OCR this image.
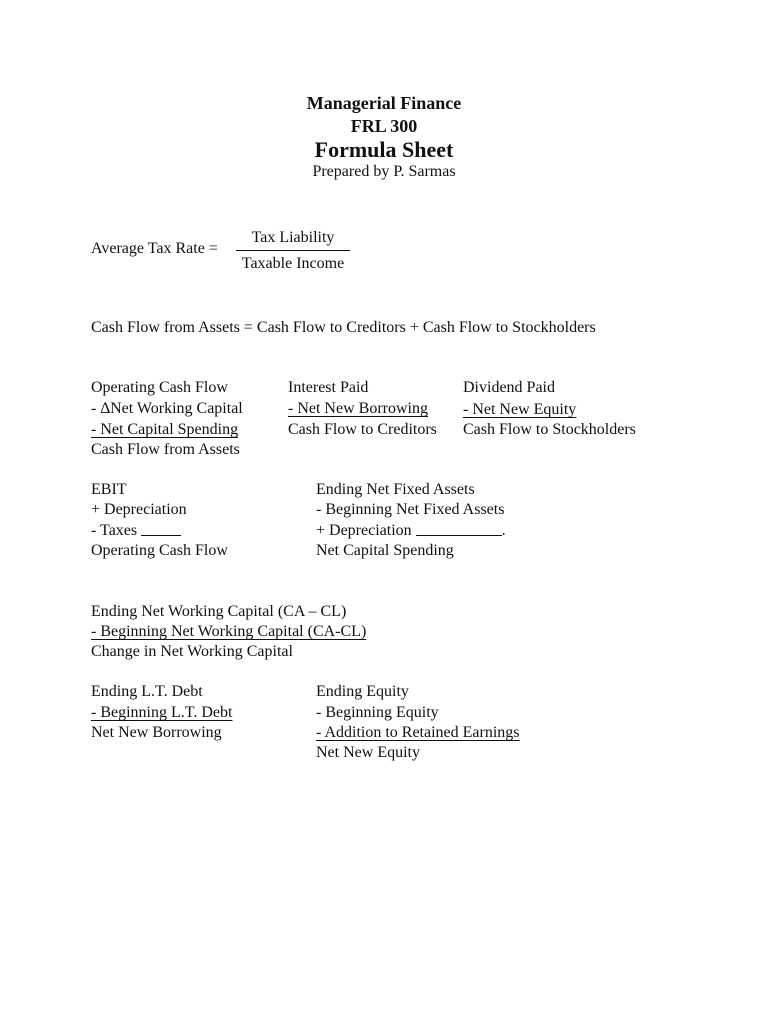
Managerial Finance
FRL 300
Formula Sheet
Prepared by P. Sarmas
Average Tax Rate =
Tax Liability
Taxable Income
Cash Flow from Assets = Cash Flow to Creditors + Cash Flow to Stockholders
Operating Cash Flow
- ∆Net Working Capital
- Net Capital Spending
Cash Flow from Assets
Interest Paid
- Net New Borrowing
Cash Flow to Creditors
Dividend Paid
- Net New Equity
Cash Flow to Stockholders
EBIT
+ Depreciation
- Taxes
Operating Cash Flow
Ending Net Fixed Assets
- Beginning Net Fixed Assets
+ Depreciation	.
Net Capital Spending
Ending Net Working Capital (CA – CL)
- Beginning Net Working Capital (CA-CL)
Change in Net Working Capital
Ending L.T. Debt
- Beginning L.T. Debt
Net New Borrowing
Ending Equity
- Beginning Equity
- Addition to Retained Earnings
Net New Equity
